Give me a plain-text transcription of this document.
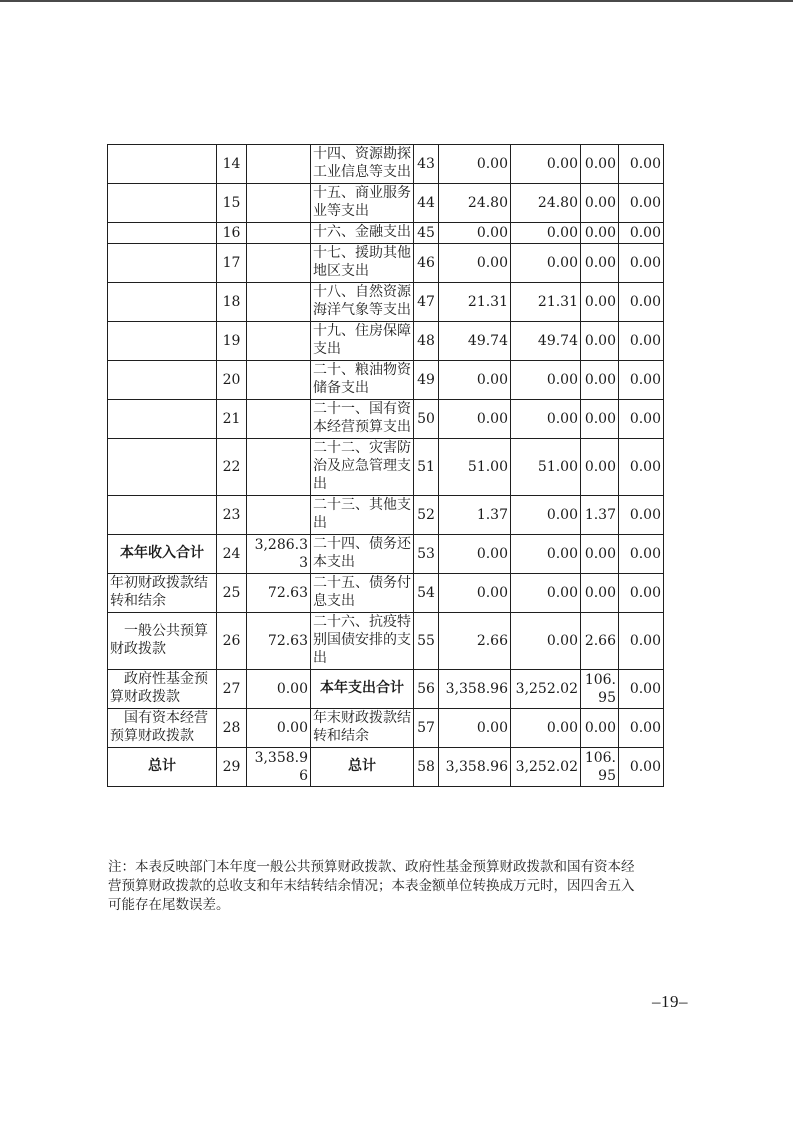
	14		十四、资源勘探工业信息等支出	43	0.00	0.00	0.00	0.00
	15		十五、商业服务业等支出	44	24.80	24.80	0.00	0.00
	16		十六、金融支出	45	0.00	0.00	0.00	0.00
	17		十七、援助其他地区支出	46	0.00	0.00	0.00	0.00
	18		十八、自然资源海洋气象等支出	47	21.31	21.31	0.00	0.00
	19		十九、住房保障支出	48	49.74	49.74	0.00	0.00
	20		二十、粮油物资储备支出	49	0.00	0.00	0.00	0.00
	21		二十一、国有资本经营预算支出	50	0.00	0.00	0.00	0.00
	22		二十二、灾害防治及应急管理支出	51	51.00	51.00	0.00	0.00
	23		二十三、其他支出	52	1.37	0.00	1.37	0.00
本年收入合计	24	3,286.33	二十四、债务还本支出	53	0.00	0.00	0.00	0.00
年初财政拨款结转和结余	25	72.63	二十五、债务付息支出	54	0.00	0.00	0.00	0.00
　一般公共预算财政拨款	26	72.63	二十六、抗疫特别国债安排的支出	55	2.66	0.00	2.66	0.00
　政府性基金预算财政拨款	27	0.00	本年支出合计	56	3,358.96	3,252.02	106.95	0.00
　国有资本经营预算财政拨款	28	0.00	年末财政拨款结转和结余	57	0.00	0.00	0.00	0.00
总计	29	3,358.96	总计	58	3,358.96	3,252.02	106.95	0.00
注：本表反映部门本年度一般公共预算财政拨款、政府性基金预算财政拨款和国有资本经
营预算财政拨款的总收支和年末结转结余情况；本表金额单位转换成万元时，因四舍五入
可能存在尾数误差。
–19–
